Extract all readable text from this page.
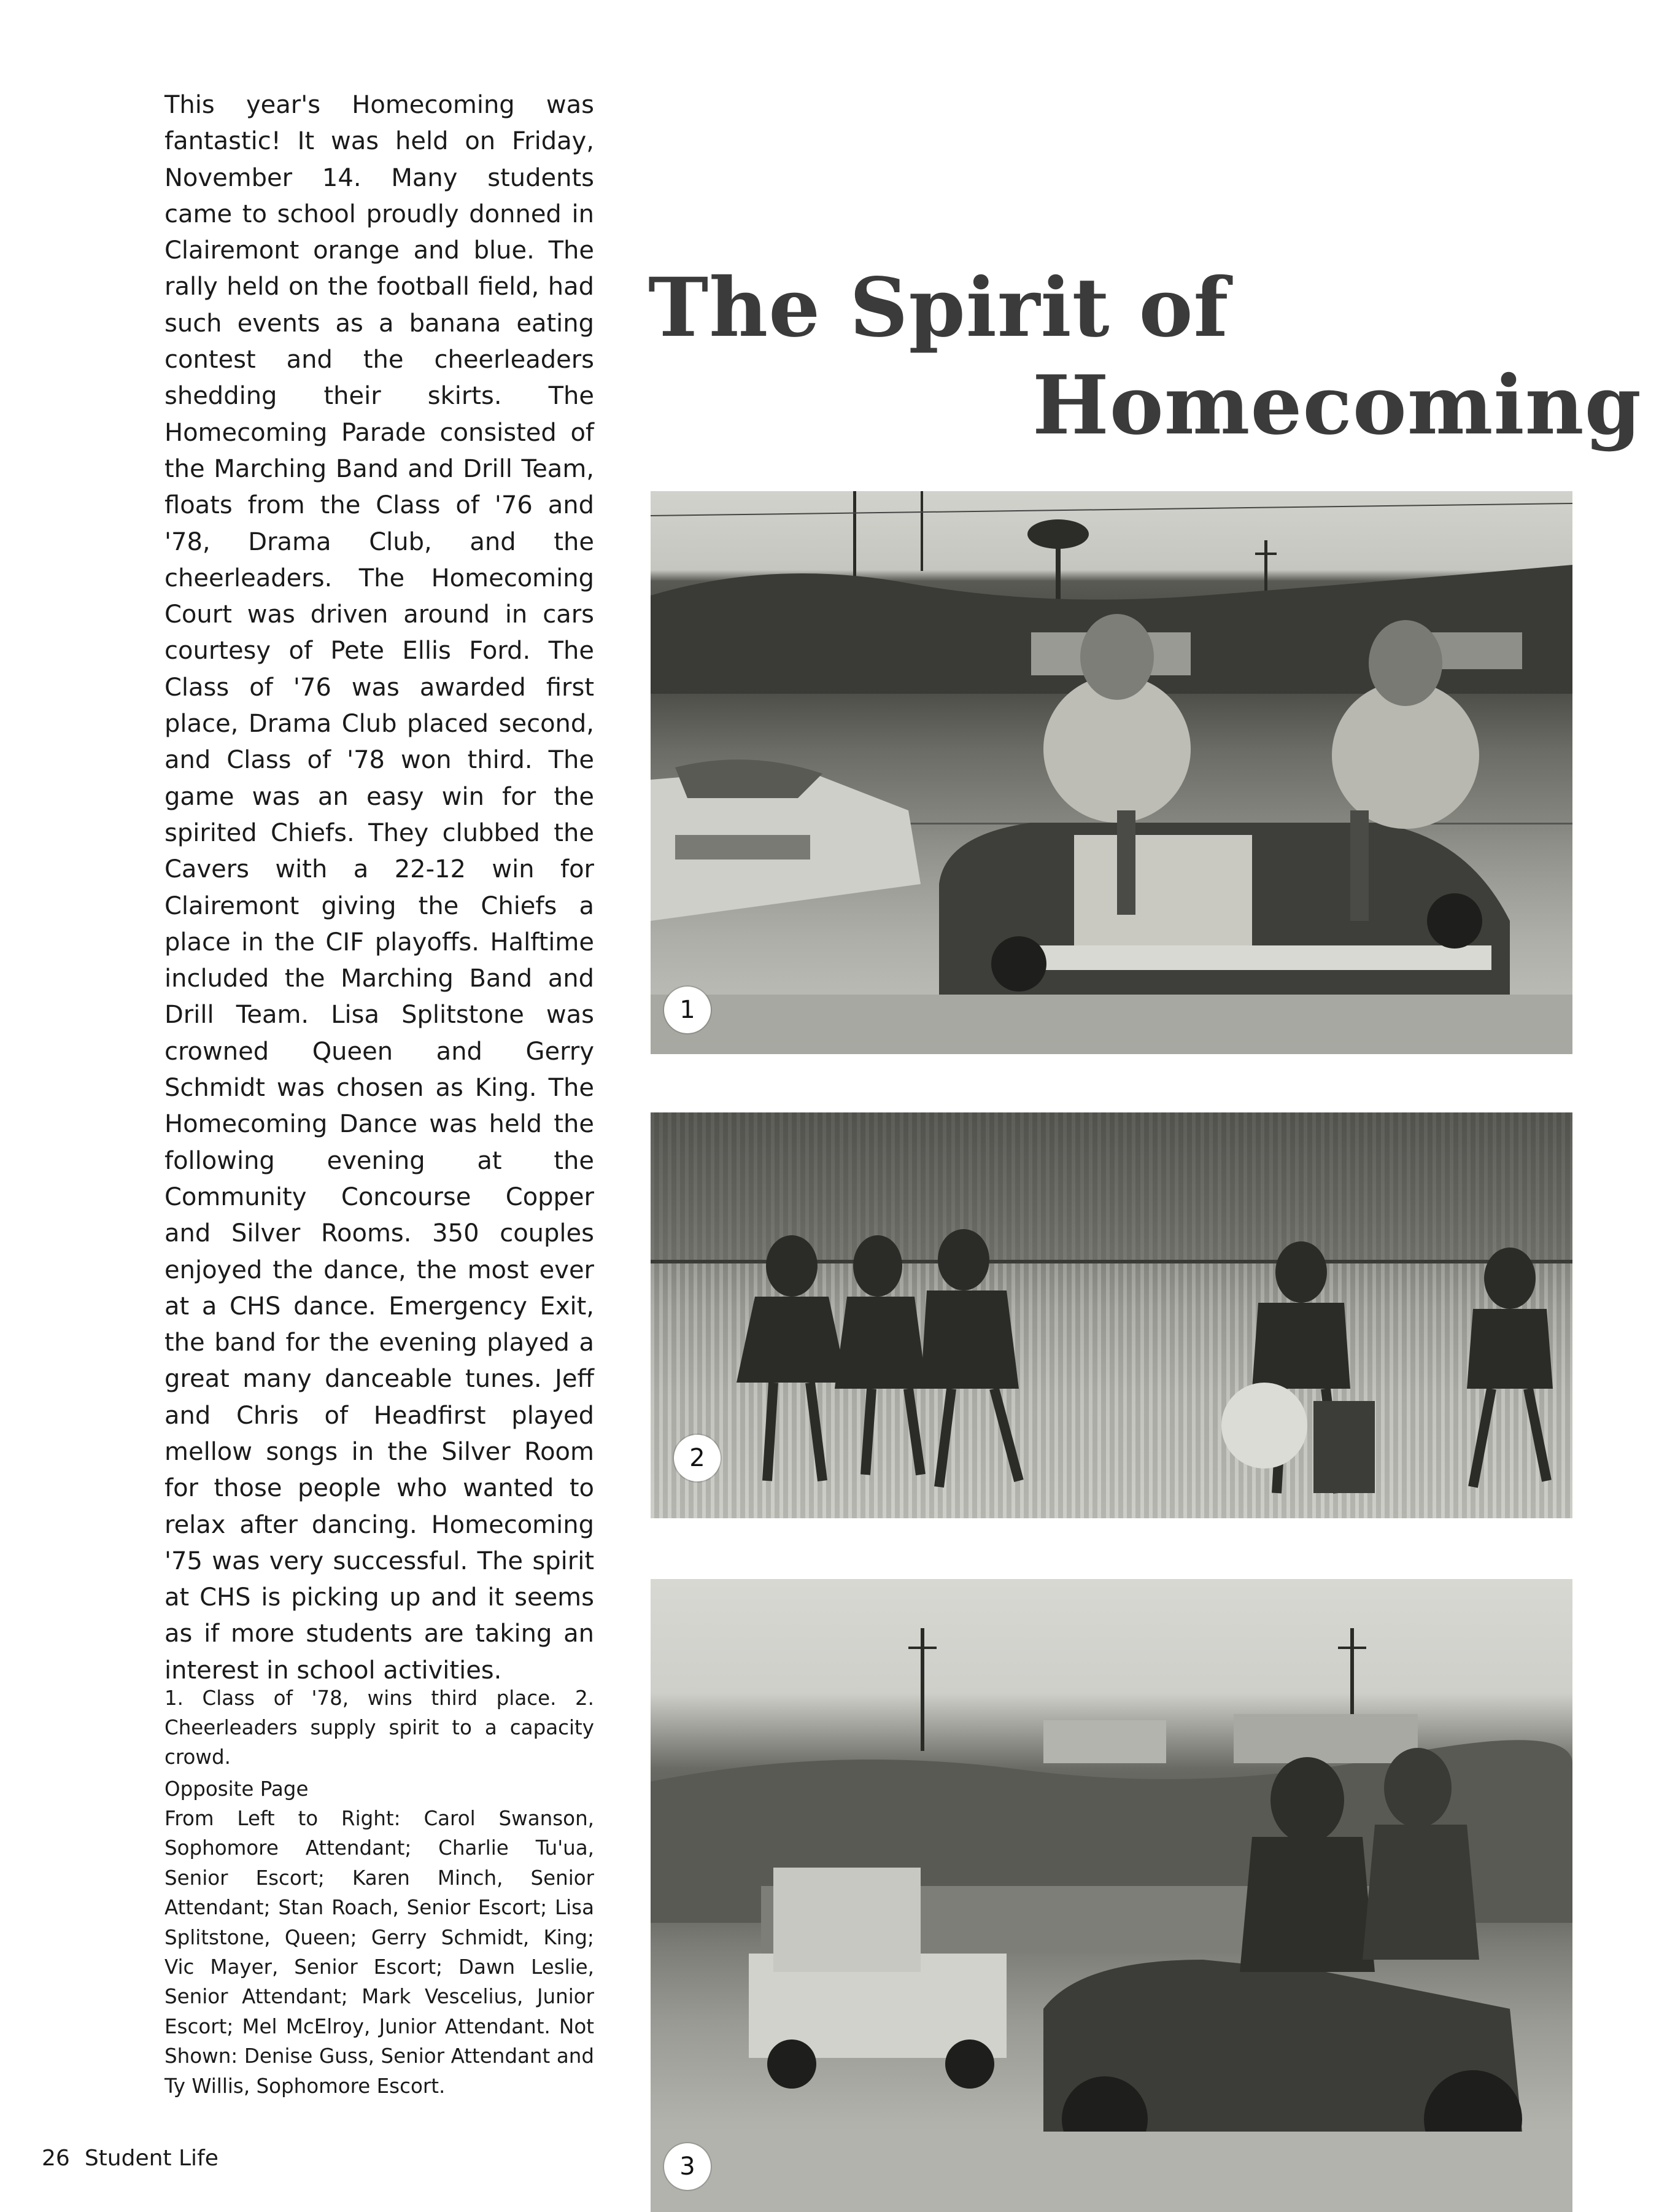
This year's Homecoming was fantastic! It was held on Friday, November 14. Many students came to school proudly donned in Clairemont orange and blue. The rally held on the football field, had such events as a banana eating contest and the cheerleaders shedding their skirts. The Homecoming Parade consisted of the Marching Band and Drill Team, floats from the Class of '76 and '78, Drama Club, and the cheerleaders. The Homecoming Court was driven around in cars courtesy of Pete Ellis Ford. The Class of '76 was awarded first place, Drama Club placed second, and Class of '78 won third. The game was an easy win for the spirited Chiefs. They clubbed the Cavers with a 22-12 win for Clairemont giving the Chiefs a place in the CIF playoffs. Halftime included the Marching Band and Drill Team. Lisa Splitstone was crowned Queen and Gerry Schmidt was chosen as King. The Homecoming Dance was held the following evening at the Community Concourse Copper and Silver Rooms. 350 couples enjoyed the dance, the most ever at a CHS dance. Emergency Exit, the band for the evening played a great many danceable tunes. Jeff and Chris of Headfirst played mellow songs in the Silver Room for those people who wanted to relax after dancing. Homecoming '75 was very successful. The spirit at CHS is picking up and it seems as if more students are taking an interest in school activities.

1. Class of '78, wins third place. 2. Cheerleaders supply spirit to a capacity crowd.

Opposite Page

From Left to Right: Carol Swanson, Sophomore Attendant; Charlie Tu'ua, Senior Escort; Karen Minch, Senior Attendant; Stan Roach, Senior Escort; Lisa Splitstone, Queen; Gerry Schmidt, King; Vic Mayer, Senior Escort; Dawn Leslie, Senior Attendant; Mark Vescelius, Junior Escort; Mel McElroy, Junior Attendant. Not Shown: Denise Guss, Senior Attendant and Ty Willis, Sophomore Escort.

The Spirit of
Homecoming
1
2
3
26 Student Life
